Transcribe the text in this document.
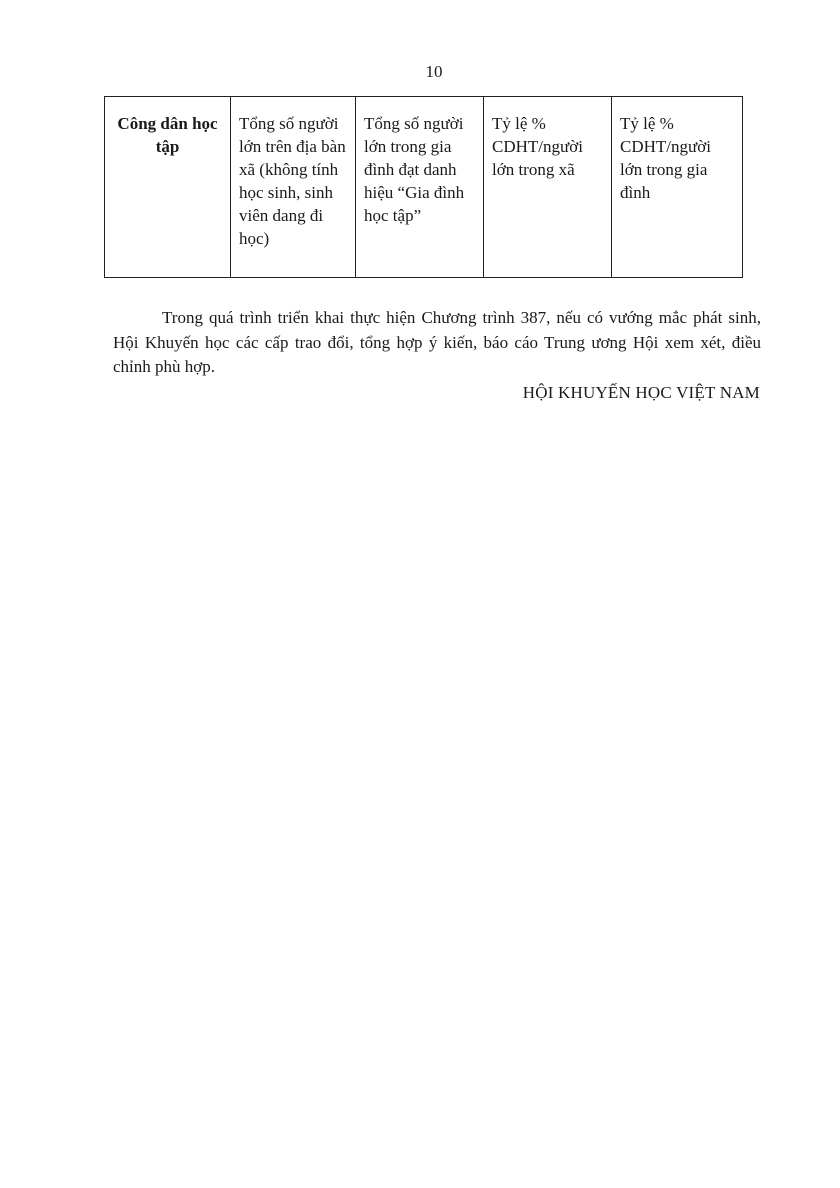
10
Công dân học tập	Tổng số người lớn trên địa bàn xã (không tính học sinh, sinh viên dang đi học)	Tổng số người lớn trong gia đình đạt danh hiệu “Gia đình học tập”	Tỷ lệ % CDHT/người lớn trong xã	Tỷ lệ % CDHT/người lớn trong gia đình

Trong quá trình triển khai thực hiện Chương trình 387, nếu có vướng mắc phát sinh, Hội Khuyến học các cấp trao đổi, tổng hợp ý kiến, báo cáo Trung ương Hội xem xét, điều chỉnh phù hợp.

HỘI KHUYẾN HỌC VIỆT NAM
